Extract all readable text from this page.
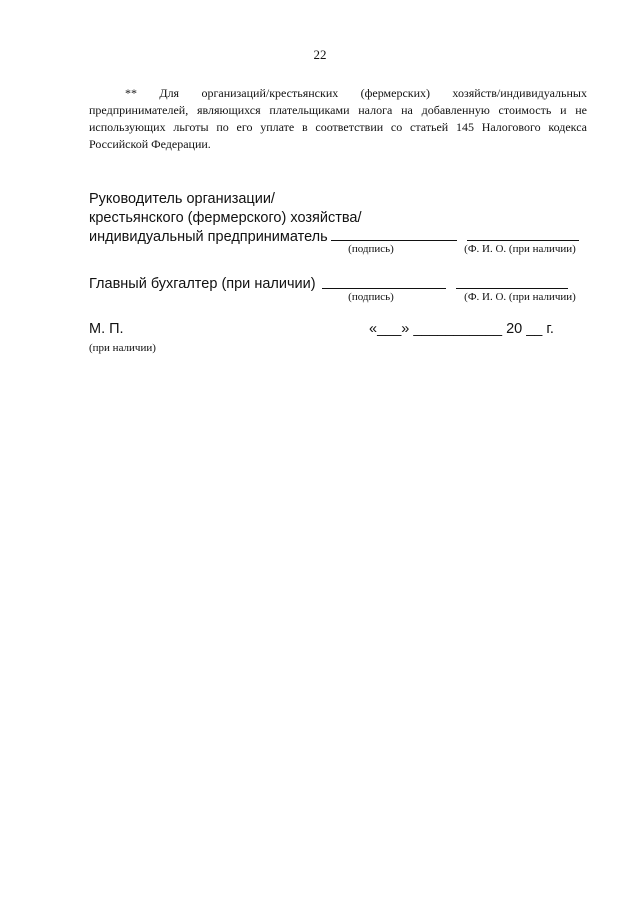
22
** Для организаций/крестьянских (фермерских) хозяйств/индивидуальных предпринимателей, являющихся плательщиками налога на добавленную стоимость и не использующих льготы по его уплате в соответствии со статьей 145 Налогового кодекса Российской Федерации.
Руководитель организации/
крестьянского (фермерского) хозяйства/
индивидуальный предприниматель
(подпись)	(Ф. И. О. (при наличии)
Главный бухгалтер (при наличии)
(подпись)	(Ф. И. О. (при наличии)
М. П.
(при наличии)
«___» ___________ 20 __ г.
